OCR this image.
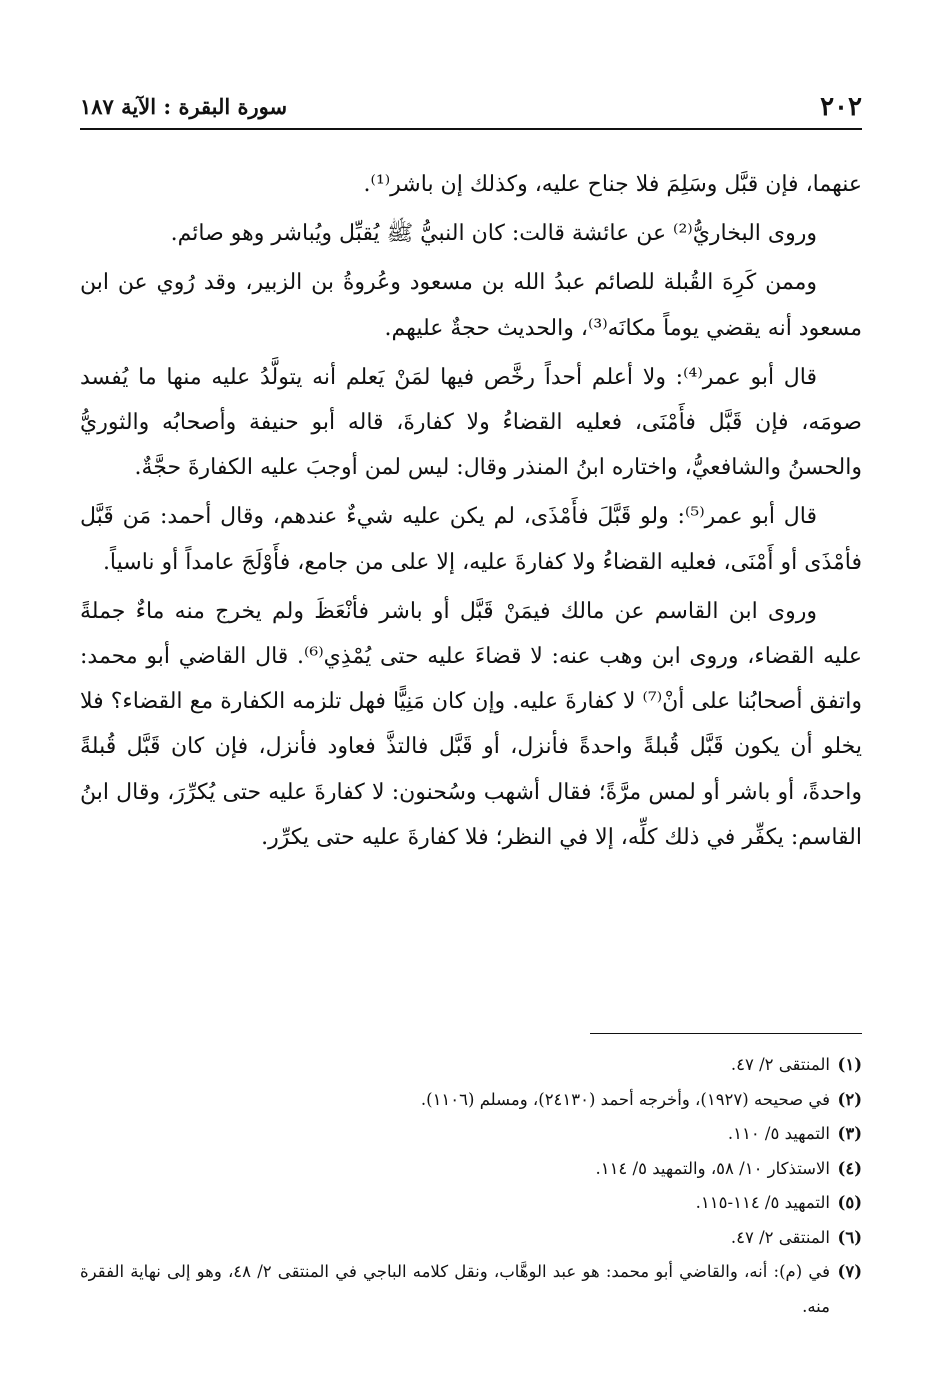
٢٠٢
سورة البقرة : الآية ١٨٧

عنهما، فإن قبَّل وسَلِمَ فلا جناح عليه، وكذلك إن باشر⁽¹⁾.

وروى البخاريُّ⁽²⁾ عن عائشة قالت: كان النبيُّ ﷺ يُقبِّل ويُباشر وهو صائم.

وممن كَرِهَ القُبلة للصائم عبدُ الله بن مسعود وعُروةُ بن الزبير، وقد رُوي عن ابن مسعود أنه يقضي يوماً مكانَه⁽³⁾، والحديث حجةٌ عليهم.

قال أبو عمر⁽⁴⁾: ولا أعلم أحداً رخَّص فيها لمَنْ يَعلم أنه يتولَّدُ عليه منها ما يُفسد صومَه، فإن قَبَّل فأَمْنَى، فعليه القضاءُ ولا كفارةَ، قاله أبو حنيفة وأصحابُه والثوريُّ والحسنُ والشافعيُّ، واختاره ابنُ المنذر وقال: ليس لمن أوجبَ عليه الكفارةَ حجَّةٌ.

قال أبو عمر⁽⁵⁾: ولو قَبَّلَ فأَمْذَى، لم يكن عليه شيءٌ عندهم، وقال أحمد: مَن قَبَّل فأمْذَى أو أَمْنَى، فعليه القضاءُ ولا كفارةَ عليه، إلا على من جامع، فأَوْلَجَ عامداً أو ناسياً.

وروى ابن القاسم عن مالك فيمَنْ قَبَّل أو باشر فأنْعَظَ ولم يخرج منه ماءٌ جملةً عليه القضاء، وروى ابن وهب عنه: لا قضاءَ عليه حتى يُمْذِي⁽⁶⁾. قال القاضي أبو محمد: واتفق أصحابُنا على أنْ⁽⁷⁾ لا كفارةَ عليه. وإن كان مَنِيًّا فهل تلزمه الكفارة مع القضاء؟ فلا يخلو أن يكون قَبَّل قُبلةً واحدةً فأنزل، أو قَبَّل فالتذَّ فعاود فأنزل، فإن كان قَبَّل قُبلةً واحدةً، أو باشر أو لمس مرَّةً؛ فقال أشهب وسُحنون: لا كفارةَ عليه حتى يُكرِّرَ، وقال ابنُ القاسم: يكفِّر في ذلك كلِّه، إلا في النظر؛ فلا كفارةَ عليه حتى يكرِّر.

(١)
المنتقى ٢/ ٤٧.
(٢)
في صحيحه (١٩٢٧)، وأخرجه أحمد (٢٤١٣٠)، ومسلم (١١٠٦).
(٣)
التمهيد ٥/ ١١٠.
(٤)
الاستذكار ١٠/ ٥٨، والتمهيد ٥/ ١١٤.
(٥)
التمهيد ٥/ ١١٤-١١٥.
(٦)
المنتقى ٢/ ٤٧.
(٧)
في (م): أنه، والقاضي أبو محمد: هو عبد الوهَّاب، ونقل كلامه الباجي في المنتقى ٢/ ٤٨، وهو إلى نهاية الفقرة منه.
